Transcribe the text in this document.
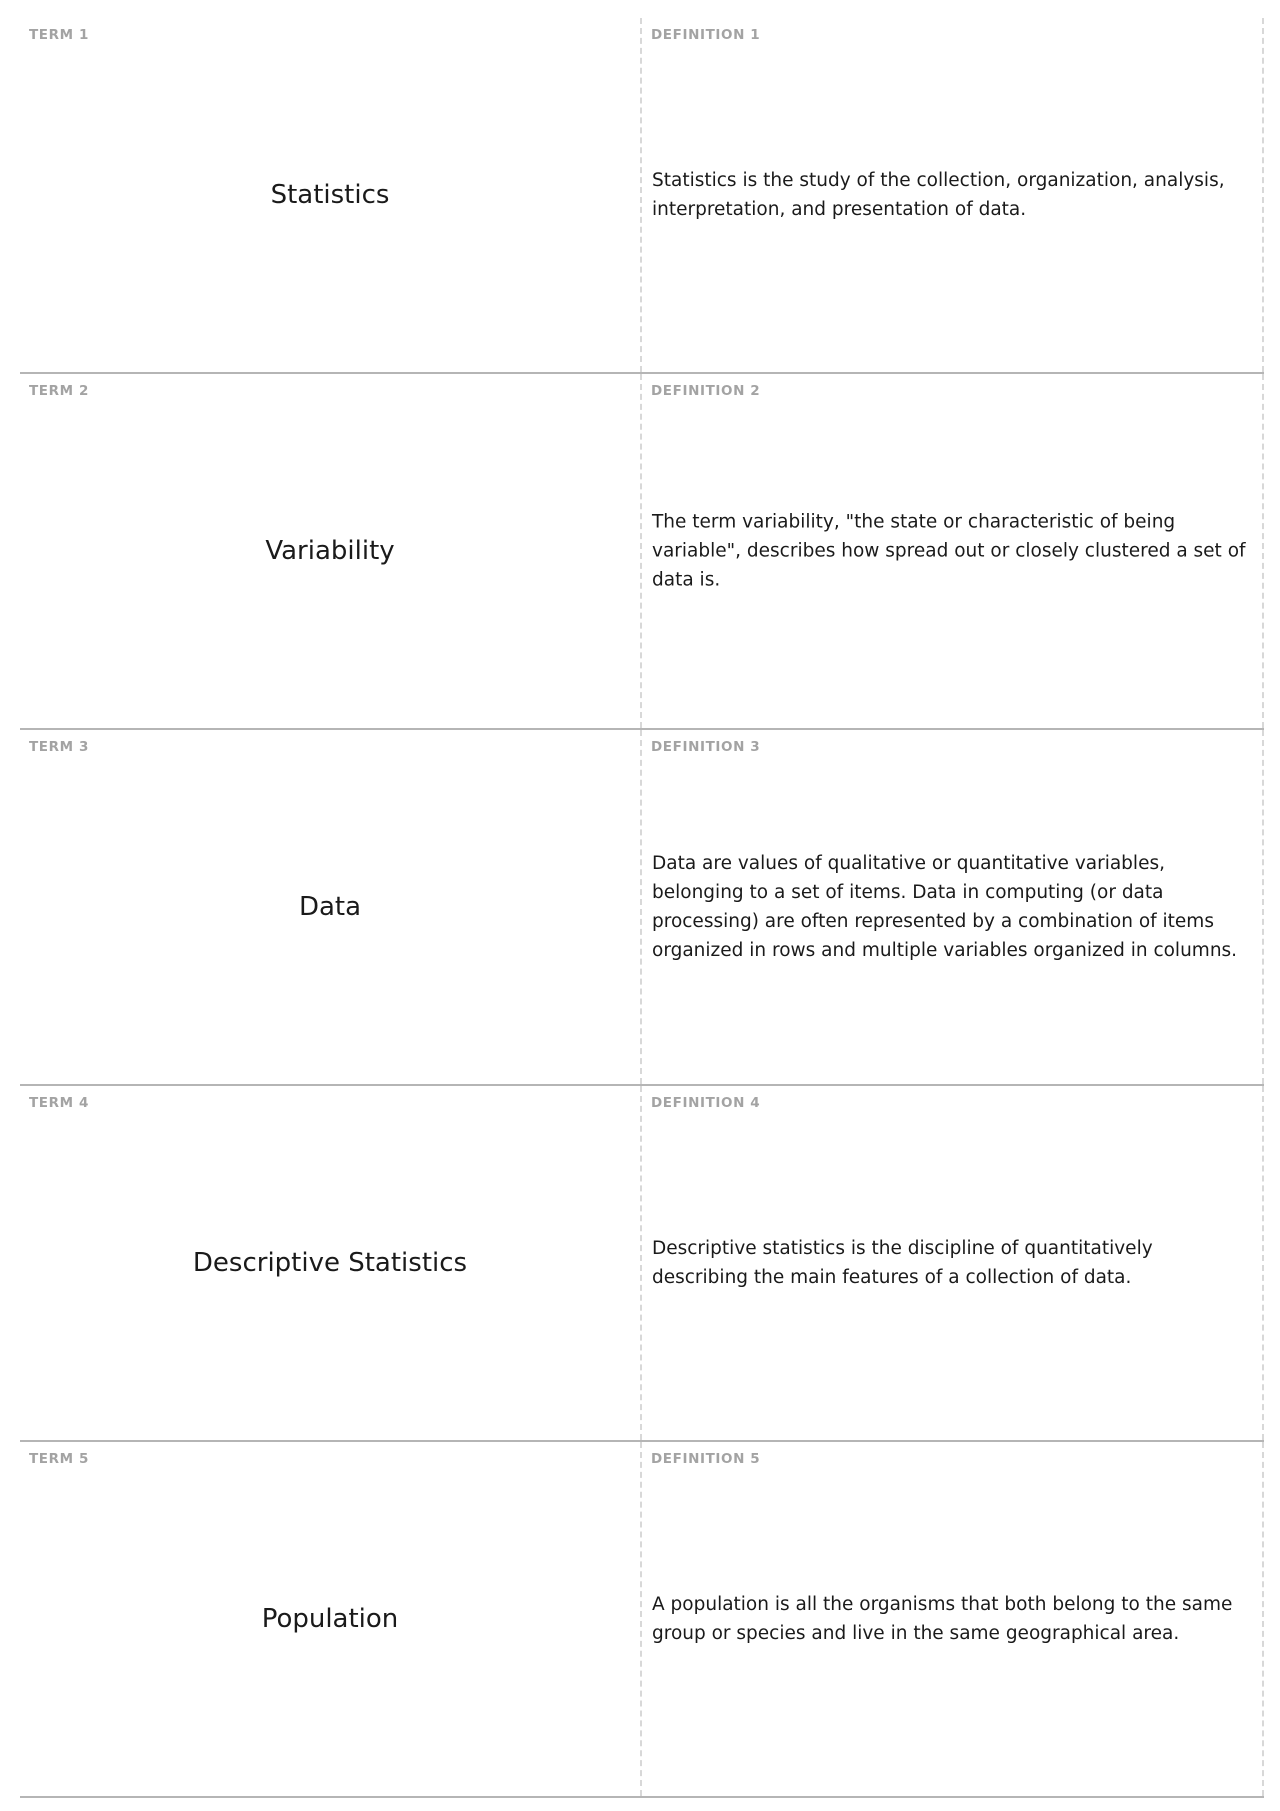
TERM 1
Statistics
DEFINITION 1
Statistics is the study of the collection, organization, analysis, interpretation, and presentation of data.
TERM 2
Variability
DEFINITION 2
The term variability, "the state or characteristic of being variable", describes how spread out or closely clustered a set of data is.
TERM 3
Data
DEFINITION 3
Data are values of qualitative or quantitative variables, belonging to a set of items. Data in computing (or data processing) are often represented by a combination of items organized in rows and multiple variables organized in columns.
TERM 4
Descriptive Statistics
DEFINITION 4
Descriptive statistics is the discipline of quantitatively describing the main features of a collection of data.
TERM 5
Population
DEFINITION 5
A population is all the organisms that both belong to the same group or species and live in the same geographical area.
